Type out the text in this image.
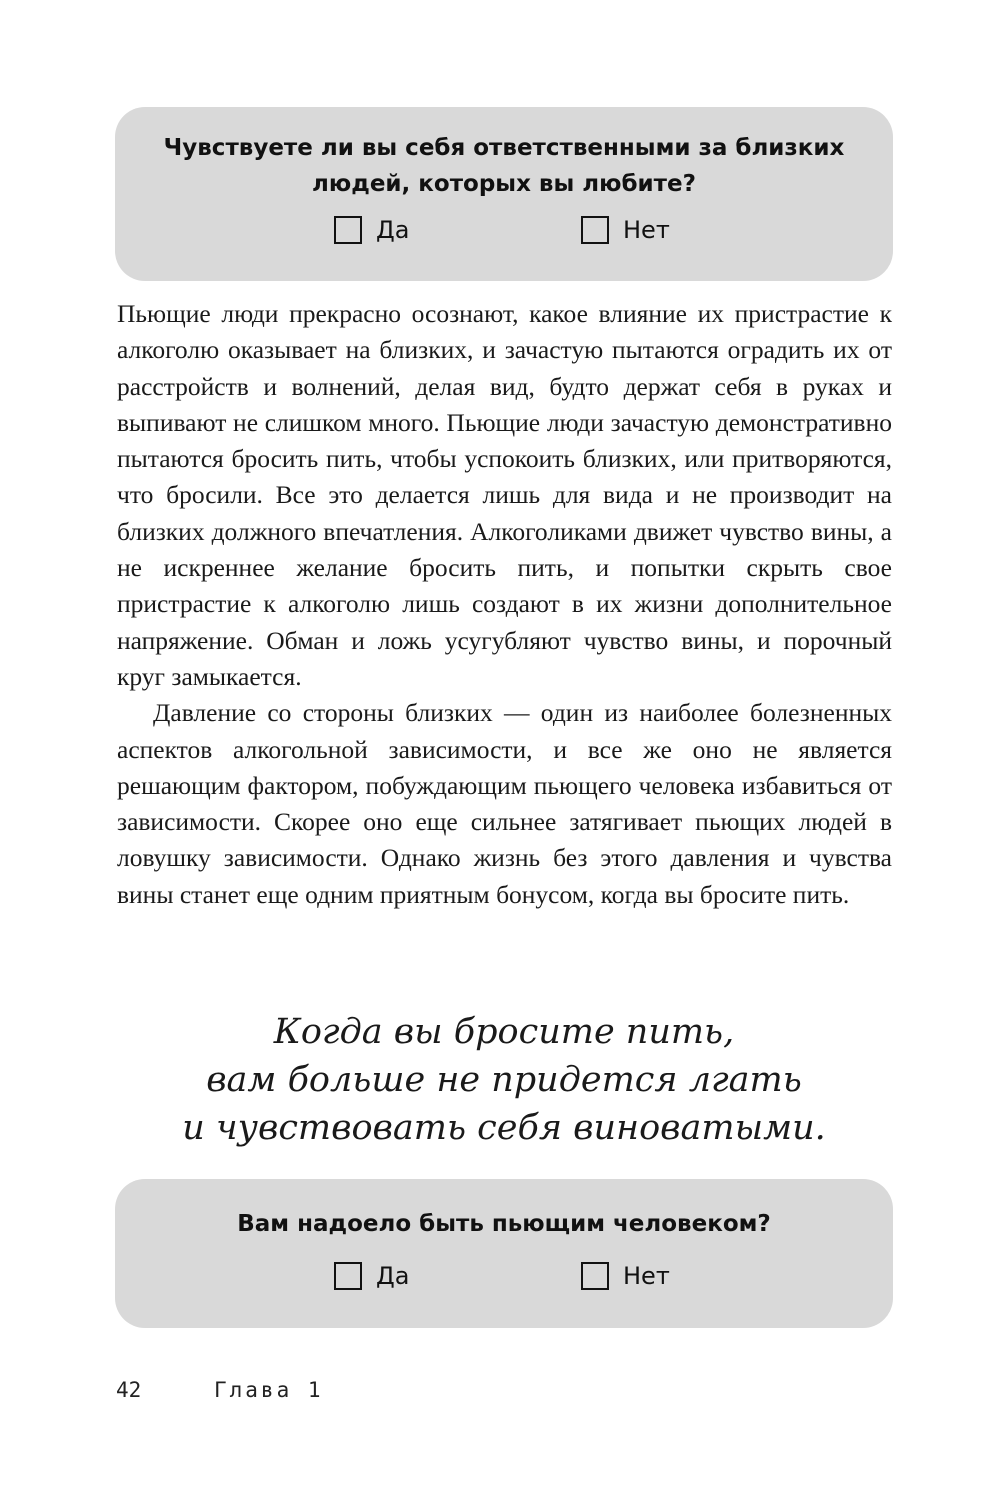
Чувствуете ли вы себя ответственными за близких людей, которых вы любите?
Да	Нет

Пьющие люди прекрасно осознают, какое влияние их пристрастие к алкоголю оказывает на близких, и зачастую пытаются оградить их от расстройств и волнений, делая вид, будто держат себя в руках и выпивают не слишком много. Пьющие люди зачастую демонстративно пытаются бросить пить, чтобы успокоить близких, или притворяются, что бросили. Все это делается лишь для вида и не производит на близких должного впечатления. Алкоголиками движет чувство вины, а не искреннее желание бросить пить, и попытки скрыть свое пристрастие к алкоголю лишь создают в их жизни дополнительное напряжение. Обман и ложь усугубляют чувство вины, и порочный круг замыкается.

Давление со стороны близких — один из наиболее болезненных аспектов алкогольной зависимости, и все же оно не является решающим фактором, побуждающим пьющего человека избавиться от зависимости. Скорее оно еще сильнее затягивает пьющих людей в ловушку зависимости. Однако жизнь без этого давления и чувства вины станет еще одним приятным бонусом, когда вы бросите пить.

Когда вы бросите пить,
вам больше не придется лгать
и чувствовать себя виноватыми.
Вам надоело быть пьющим человеком?
Да	Нет
42	Глава 1
